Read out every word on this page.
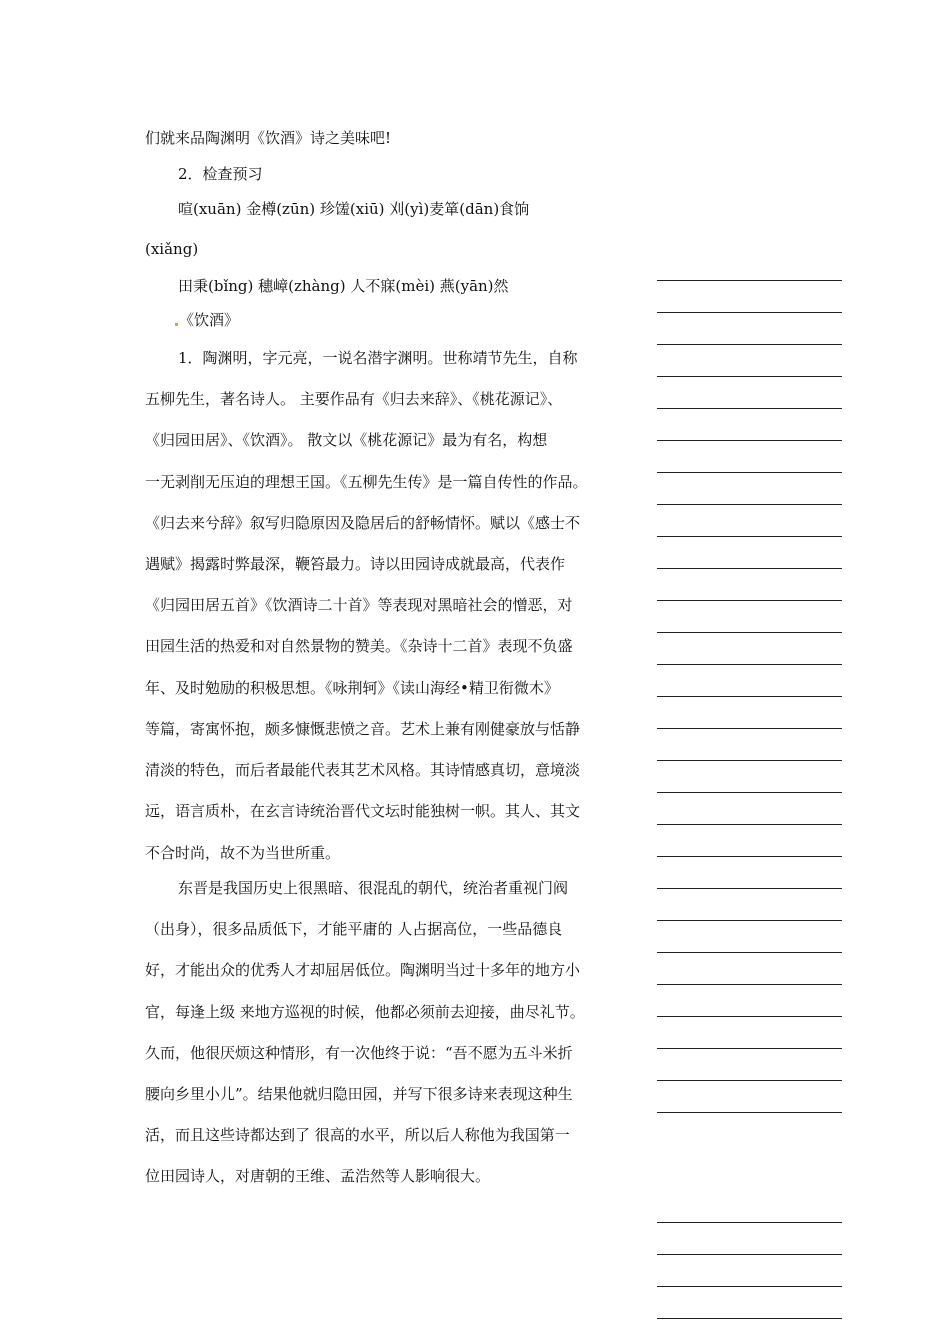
们就来品陶渊明《饮酒》诗之美味吧!
2．检查预习
喧(xuān) 金樽(zūn) 珍馐(xiū) 刈(yì)麦箪(dān)食饷
(xiǎng)
田秉(bǐng) 穗嶂(zhàng) 人不寐(mèi) 燕(yān)然
《饮酒》
1．陶渊明，字元亮，一说名潜字渊明。世称靖节先生，自称
五柳先生，著名诗人。 主要作品有《归去来辞》、《桃花源记》、
《归园田居》、《饮酒》。 散文以《桃花源记》最为有名，构想
一无剥削无压迫的理想王国。《五柳先生传》是一篇自传性的作品。
《归去来兮辞》叙写归隐原因及隐居后的舒畅情怀。赋以《感士不
遇赋》揭露时弊最深，鞭笞最力。诗以田园诗成就最高，代表作
《归园田居五首》《饮酒诗二十首》等表现对黑暗社会的憎恶，对
田园生活的热爱和对自然景物的赞美。《杂诗十二首》表现不负盛
年、及时勉励的积极思想。《咏荆轲》《读山海经•精卫衔微木》
等篇，寄寓怀抱，颇多慷慨悲愤之音。艺术上兼有刚健豪放与恬静
清淡的特色，而后者最能代表其艺术风格。其诗情感真切，意境淡
远，语言质朴，在玄言诗统治晋代文坛时能独树一帜。其人、其文
不合时尚，故不为当世所重。
东晋是我国历史上很黑暗、很混乱的朝代，统治者重视门阀
（出身），很多品质低下，才能平庸的 人占据高位，一些品德良
好，才能出众的优秀人才却屈居低位。陶渊明当过十多年的地方小
官，每逢上级 来地方巡视的时候，他都必须前去迎接，曲尽礼节。
久而，他很厌烦这种情形，有一次他终于说：“吾不愿为五斗米折
腰向乡里小儿”。结果他就归隐田园，并写下很多诗来表现这种生
活，而且这些诗都达到了 很高的水平，所以后人称他为我国第一
位田园诗人，对唐朝的王维、孟浩然等人影响很大。
